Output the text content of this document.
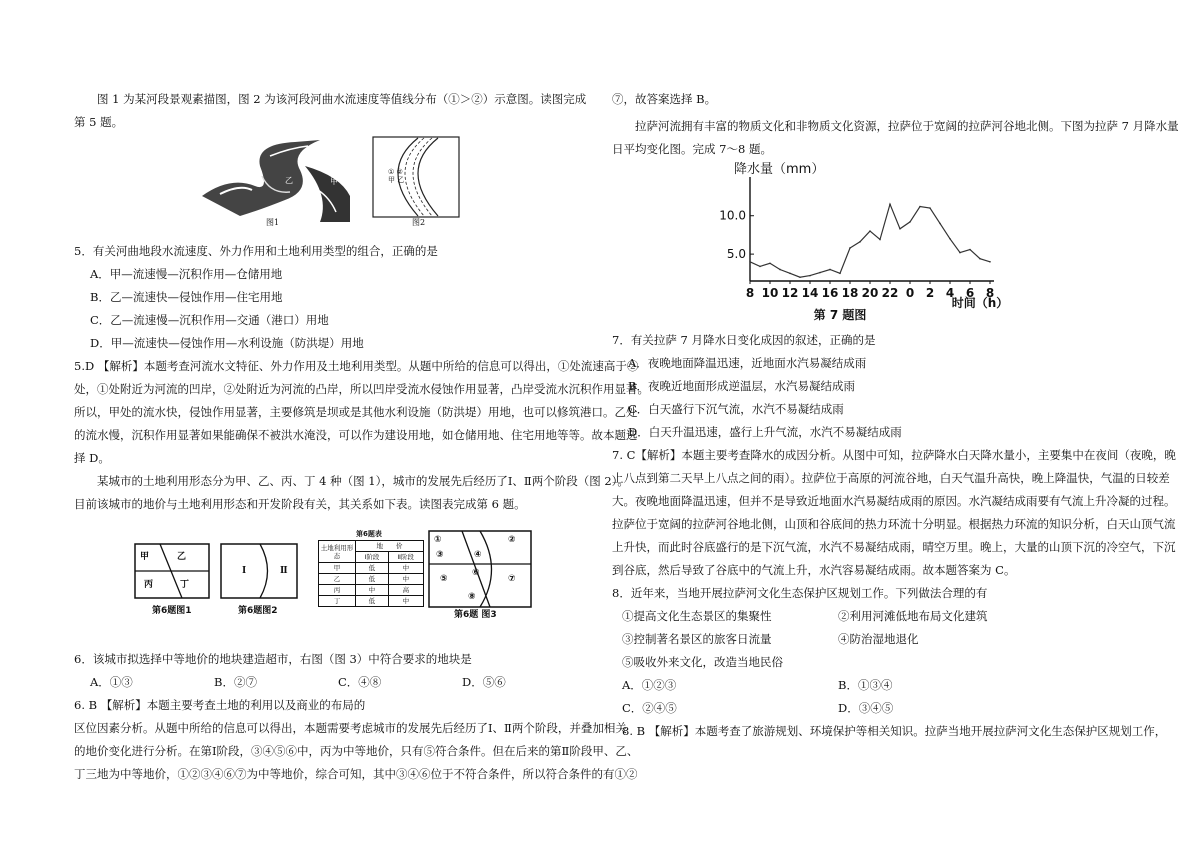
图 1 为某河段景观素描图，图 2 为该河段河曲水流速度等值线分布（①＞②）示意图。读图完成第 5 题。

乙	甲
① ②
甲 乙
图1	图2

5．有关河曲地段水流速度、外力作用和土地利用类型的组合，正确的是

A．甲—流速慢—沉积作用—仓储用地

B．乙—流速快—侵蚀作用—住宅用地

C．乙—流速慢—沉积作用—交通（港口）用地

D．甲—流速快—侵蚀作用—水利设施（防洪堤）用地

5.D 【解析】本题考查河流水文特征、外力作用及土地利用类型。从题中所给的信息可以得出，①处流速高于②

处，①处附近为河流的凹岸，②处附近为河流的凸岸，所以凹岸受流水侵蚀作用显著，凸岸受流水沉积作用显著。

所以，甲处的流水快，侵蚀作用显著，主要修筑是坝或是其他水利设施（防洪堤）用地，也可以修筑港口。乙处

的流水慢，沉积作用显著如果能确保不被洪水淹没，可以作为建设用地，如仓储用地、住宅用地等等。故本题选

择 D。

某城市的土地利用形态分为甲、乙、丙、丁 4 种（图 1），城市的发展先后经历了Ⅰ、Ⅱ两个阶段（图 2）。

目前该城市的地价与土地利用形态和开发阶段有关，其关系如下表。读图表完成第 6 题。

甲	乙
丙	丁
第6题图1
Ⅰ	Ⅱ
第6题图2
第6题表
土地利用形态	地　　价	
	Ⅰ阶段	Ⅱ阶段
甲	低	中
乙	低	中
丙	中	高
丁	低	中
①	②
③	④
⑤
⑥
⑦
⑧
第6题 图3

6．该城市拟选择中等地价的地块建造超市，右图（图 3）中符合要求的地块是

A．①③	B．②⑦	C．④⑧	D．⑤⑥

6. B 【解析】本题主要考查土地的利用以及商业的布局的

区位因素分析。从题中所给的信息可以得出，本题需要考虑城市的发展先后经历了Ⅰ、Ⅱ两个阶段，并叠加相关

的地价变化进行分析。在第Ⅰ阶段，③④⑤⑥中，丙为中等地价，只有⑤符合条件。但在后来的第Ⅱ阶段甲、乙、

丁三地为中等地价，①②③④⑥⑦为中等地价，综合可知，其中③④⑥位于不符合条件，所以符合条件的有①②

⑦，故答案选择 B。

拉萨河流拥有丰富的物质文化和非物质文化资源，拉萨位于宽阔的拉萨河谷地北侧。下图为拉萨 7 月降水量

日平均变化图。完成 7～8 题。

降水量（mm）
5.0
10.0
8 10 12 14 16 18 20 22 0 2 4 6 8
时间（h）
第 7 题图

7．有关拉萨 7 月降水日变化成因的叙述，正确的是

A．夜晚地面降温迅速，近地面水汽易凝结成雨

B．夜晚近地面形成逆温层，水汽易凝结成雨

C．白天盛行下沉气流，水汽不易凝结成雨

D．白天升温迅速，盛行上升气流，水汽不易凝结成雨

7. C【解析】本题主要考查降水的成因分析。从图中可知，拉萨降水白天降水量小，主要集中在夜间（夜晚，晚

上八点到第二天早上八点之间的雨）。拉萨位于高原的河流谷地，白天气温升高快，晚上降温快，气温的日较差

大。夜晚地面降温迅速，但并不是导致近地面水汽易凝结成雨的原因。水汽凝结成雨要有气流上升冷凝的过程。

拉萨位于宽阔的拉萨河谷地北侧，山顶和谷底间的热力环流十分明显。根据热力环流的知识分析，白天山顶气流

上升快，而此时谷底盛行的是下沉气流，水汽不易凝结成雨，晴空万里。晚上，大量的山顶下沉的冷空气，下沉

到谷底，然后导致了谷底中的气流上升，水汽容易凝结成雨。故本题答案为 C。

8．近年来，当地开展拉萨河文化生态保护区规划工作。下列做法合理的有

①提高文化生态景区的集聚性	②利用河滩低地布局文化建筑
③控制著名景区的旅客日流量	④防治湿地退化
⑤吸收外来文化，改造当地民俗
A．①②③	B．①③④
C．②④⑤	D．③④⑤

8. B 【解析】本题考查了旅游规划、环境保护等相关知识。拉萨当地开展拉萨河文化生态保护区规划工作，
